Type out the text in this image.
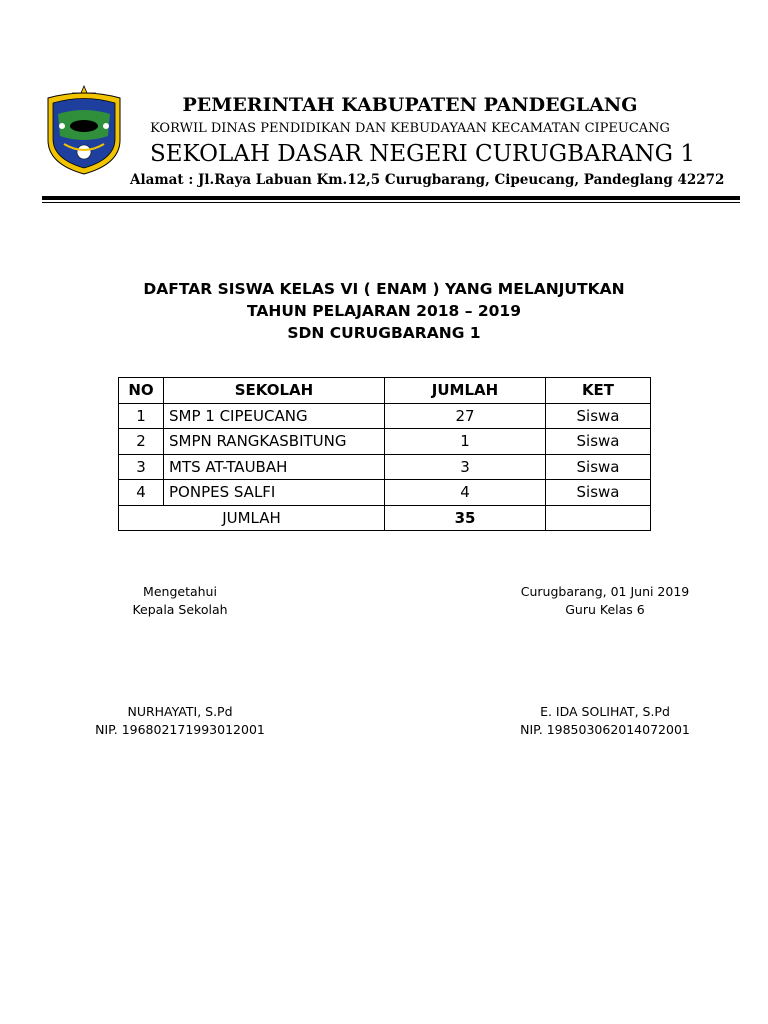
PEMERINTAH KABUPATEN PANDEGLANG
KORWIL DINAS PENDIDIKAN DAN KEBUDAYAAN KECAMATAN CIPEUCANG
SEKOLAH DASAR NEGERI CURUGBARANG 1
Alamat : Jl.Raya Labuan Km.12,5 Curugbarang, Cipeucang, Pandeglang 42272
DAFTAR SISWA KELAS VI ( ENAM ) YANG MELANJUTKAN
TAHUN PELAJARAN 2018 – 2019
SDN CURUGBARANG 1
NO	SEKOLAH	JUMLAH	KET
1	SMP 1 CIPEUCANG	27	Siswa
2	SMPN RANGKASBITUNG	1	Siswa
3	MTS AT-TAUBAH	3	Siswa
4	PONPES SALFI	4	Siswa
JUMLAH		35	
Mengetahui
Kepala Sekolah
NURHAYATI, S.Pd
NIP. 196802171993012001
Curugbarang, 01 Juni 2019
Guru Kelas 6
E. IDA SOLIHAT, S.Pd
NIP. 198503062014072001
